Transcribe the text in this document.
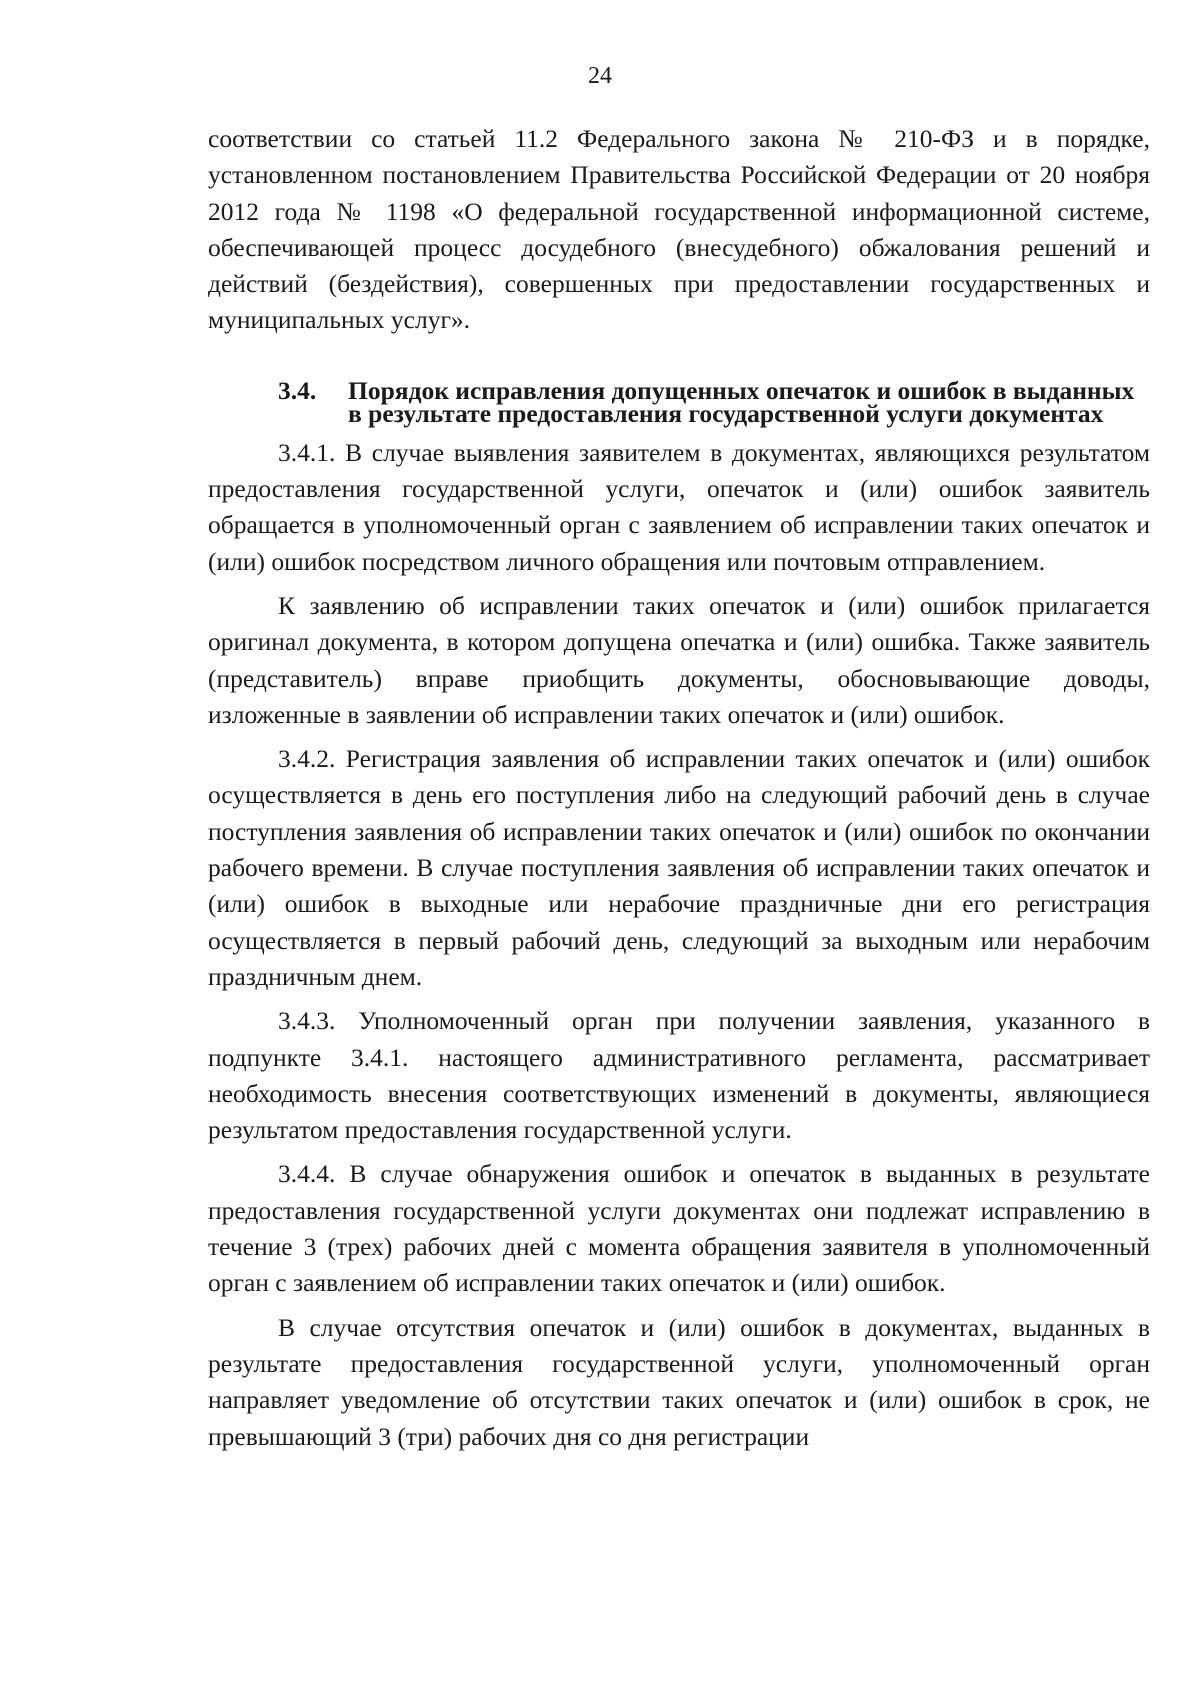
24

соответствии со статьей 11.2 Федерального закона № 210-ФЗ и в порядке, установленном постановлением Правительства Российской Федерации от 20 ноября 2012 года № 1198 «О федеральной государственной информационной системе, обеспечивающей процесс досудебного (внесудебного) обжалования решений и действий (бездействия), совершенных при предоставлении государственных и муниципальных услуг».

3.4.	Порядок исправления допущенных опечаток и ошибок в выданных в результате предоставления государственной услуги документах

3.4.1. В случае выявления заявителем в документах, являющихся результатом предоставления государственной услуги, опечаток и (или) ошибок заявитель обращается в уполномоченный орган с заявлением об исправлении таких опечаток и (или) ошибок посредством личного обращения или почтовым отправлением.

К заявлению об исправлении таких опечаток и (или) ошибок прилагается оригинал документа, в котором допущена опечатка и (или) ошибка. Также заявитель (представитель) вправе приобщить документы, обосновывающие доводы, изложенные в заявлении об исправлении таких опечаток и (или) ошибок.

3.4.2. Регистрация заявления об исправлении таких опечаток и (или) ошибок осуществляется в день его поступления либо на следующий рабочий день в случае поступления заявления об исправлении таких опечаток и (или) ошибок по окончании рабочего времени. В случае поступления заявления об исправлении таких опечаток и (или) ошибок в выходные или нерабочие праздничные дни его регистрация осуществляется в первый рабочий день, следующий за выходным или нерабочим праздничным днем.

3.4.3. Уполномоченный орган при получении заявления, указанного в подпункте 3.4.1. настоящего административного регламента, рассматривает необходимость внесения соответствующих изменений в документы, являющиеся результатом предоставления государственной услуги.

3.4.4. В случае обнаружения ошибок и опечаток в выданных в результате предоставления государственной услуги документах они подлежат исправлению в течение 3 (трех) рабочих дней с момента обращения заявителя в уполномоченный орган с заявлением об исправлении таких опечаток и (или) ошибок.

В случае отсутствия опечаток и (или) ошибок в документах, выданных в результате предоставления государственной услуги, уполномоченный орган направляет уведомление об отсутствии таких опечаток и (или) ошибок в срок, не превышающий 3 (три) рабочих дня со дня регистрации
